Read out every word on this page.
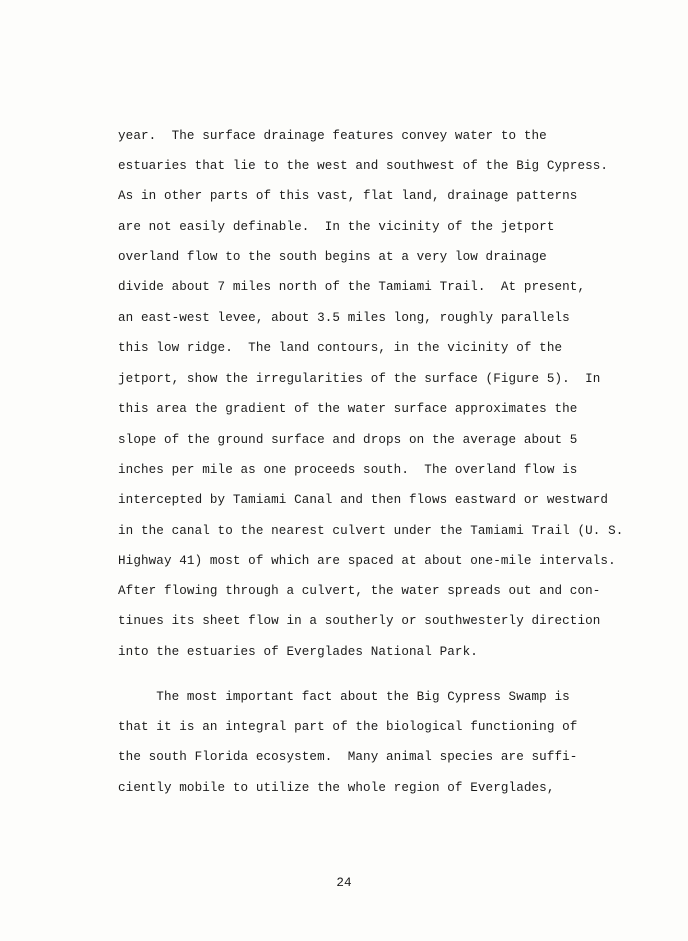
year.  The surface drainage features convey water to the
estuaries that lie to the west and southwest of the Big Cypress.
As in other parts of this vast, flat land, drainage patterns
are not easily definable.  In the vicinity of the jetport
overland flow to the south begins at a very low drainage
divide about 7 miles north of the Tamiami Trail.  At present,
an east-west levee, about 3.5 miles long, roughly parallels
this low ridge.  The land contours, in the vicinity of the
jetport, show the irregularities of the surface (Figure 5).  In
this area the gradient of the water surface approximates the
slope of the ground surface and drops on the average about 5
inches per mile as one proceeds south.  The overland flow is
intercepted by Tamiami Canal and then flows eastward or westward
in the canal to the nearest culvert under the Tamiami Trail (U. S.
Highway 41) most of which are spaced at about one-mile intervals.
After flowing through a culvert, the water spreads out and con-
tinues its sheet flow in a southerly or southwesterly direction
into the estuaries of Everglades National Park.
The most important fact about the Big Cypress Swamp is
that it is an integral part of the biological functioning of
the south Florida ecosystem.  Many animal species are suffi-
ciently mobile to utilize the whole region of Everglades,
24
